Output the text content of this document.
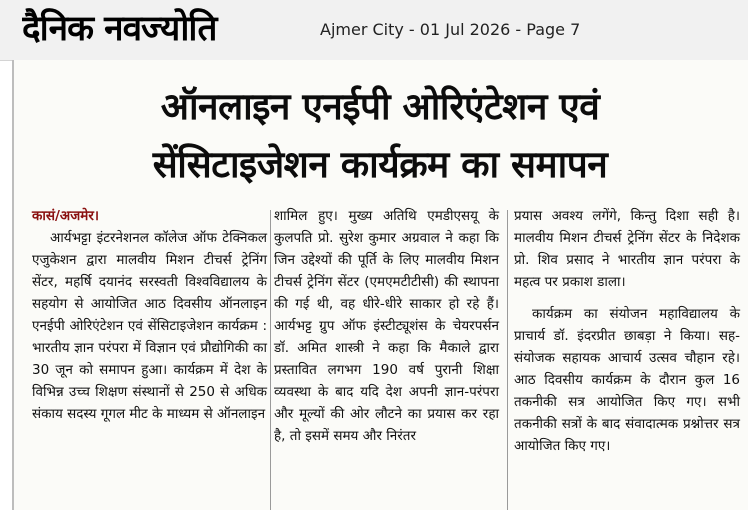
दैनिक नवज्योति	Ajmer City - 01 Jul 2026 - Page 7
ऑनलाइन एनईपी ओरिएंटेशन एवं
सेंसिटाइजेशन कार्यक्रम का समापन

कासं/अजमेर।

आर्यभट्टा इंटरनेशनल कॉलेज ऑफ टेक्निकल एजुकेशन द्वारा मालवीय मिशन टीचर्स ट्रेनिंग सेंटर, महर्षि दयानंद सरस्वती विश्वविद्यालय के सहयोग से आयोजित आठ दिवसीय ऑनलाइन एनईपी ओरिएंटेशन एवं सेंसिटाइजेशन कार्यक्रम : भारतीय ज्ञान परंपरा में विज्ञान एवं प्रौद्योगिकी का 30 जून को समापन हुआ। कार्यक्रम में देश के विभिन्न उच्च शिक्षण संस्थानों से 250 से अधिक संकाय सदस्य गूगल मीट के माध्यम से ऑनलाइन

शामिल हुए। मुख्य अतिथि एमडीएसयू के कुलपति प्रो. सुरेश कुमार अग्रवाल ने कहा कि जिन उद्देश्यों की पूर्ति के लिए मालवीय मिशन टीचर्स ट्रेनिंग सेंटर (एमएमटीटीसी) की स्थापना की गई थी, वह धीरे-धीरे साकार हो रहे हैं। आर्यभट्ट ग्रुप ऑफ इंस्टीट्यूशंस के चेयरपर्सन डॉ. अमित शास्त्री ने कहा कि मैकाले द्वारा प्रस्तावित लगभग 190 वर्ष पुरानी शिक्षा व्यवस्था के बाद यदि देश अपनी ज्ञान-परंपरा और मूल्यों की ओर लौटने का प्रयास कर रहा है, तो इसमें समय और निरंतर

प्रयास अवश्य लगेंगे, किन्तु दिशा सही है। मालवीय मिशन टीचर्स ट्रेनिंग सेंटर के निदेशक प्रो. शिव प्रसाद ने भारतीय ज्ञान परंपरा के महत्व पर प्रकाश डाला।

कार्यक्रम का संयोजन महाविद्यालय के प्राचार्य डॉ. इंदरप्रीत छाबड़ा ने किया। सह-संयोजक सहायक आचार्य उत्सव चौहान रहे। आठ दिवसीय कार्यक्रम के दौरान कुल 16 तकनीकी सत्र आयोजित किए गए। सभी तकनीकी सत्रों के बाद संवादात्मक प्रश्नोत्तर सत्र आयोजित किए गए।
